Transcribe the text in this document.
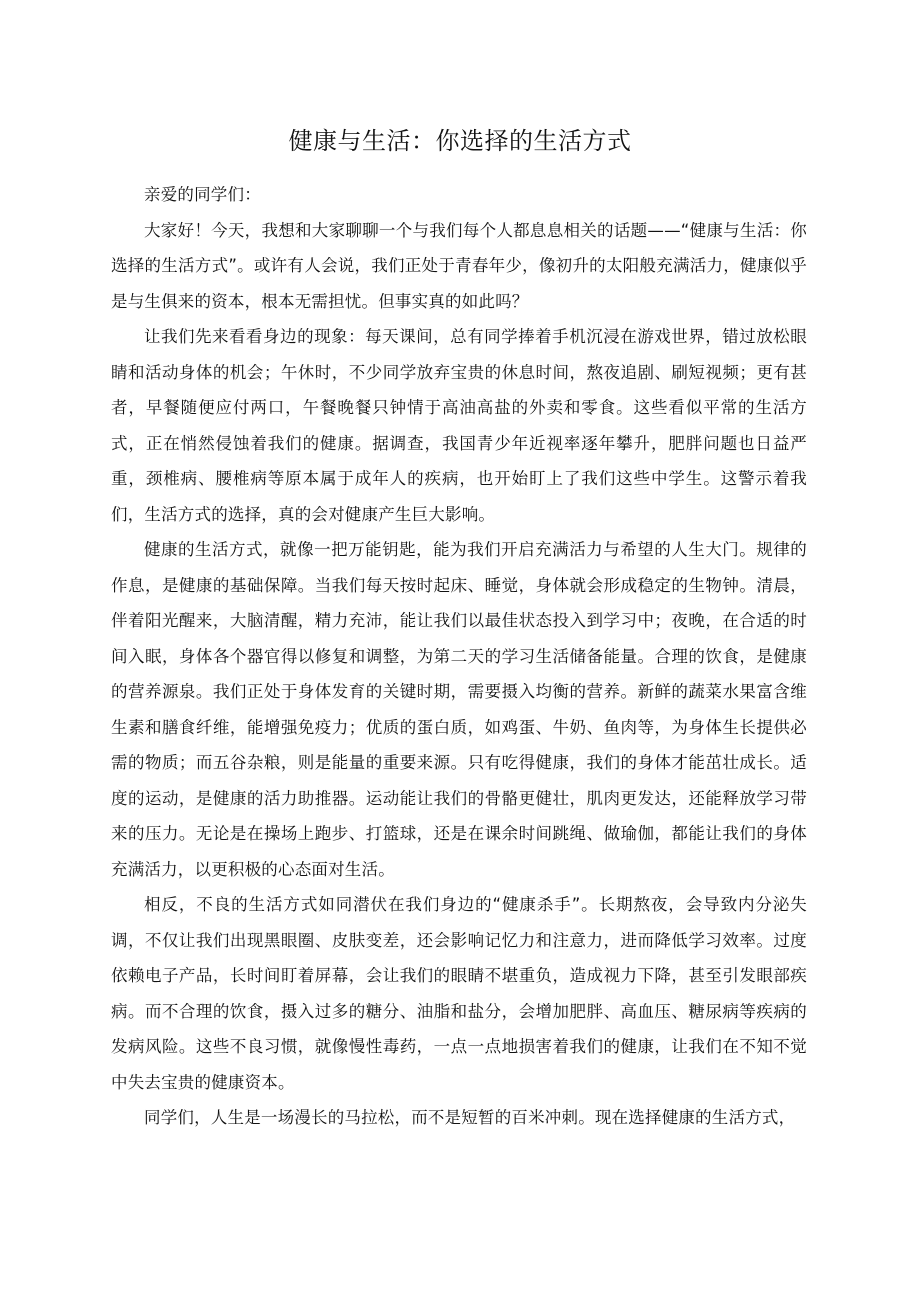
健康与生活：你选择的生活方式

亲爱的同学们：

大家好！今天，我想和大家聊聊一个与我们每个人都息息相关的话题——“健康与生活：你选择的生活方式”。或许有人会说，我们正处于青春年少，像初升的太阳般充满活力，健康似乎是与生俱来的资本，根本无需担忧。但事实真的如此吗？

让我们先来看看身边的现象：每天课间，总有同学捧着手机沉浸在游戏世界，错过放松眼睛和活动身体的机会；午休时，不少同学放弃宝贵的休息时间，熬夜追剧、刷短视频；更有甚者，早餐随便应付两口，午餐晚餐只钟情于高油高盐的外卖和零食。这些看似平常的生活方式，正在悄然侵蚀着我们的健康。据调查，我国青少年近视率逐年攀升，肥胖问题也日益严重，颈椎病、腰椎病等原本属于成年人的疾病，也开始盯上了我们这些中学生。这警示着我们，生活方式的选择，真的会对健康产生巨大影响。

健康的生活方式，就像一把万能钥匙，能为我们开启充满活力与希望的人生大门。规律的作息，是健康的基础保障。当我们每天按时起床、睡觉，身体就会形成稳定的生物钟。清晨，伴着阳光醒来，大脑清醒，精力充沛，能让我们以最佳状态投入到学习中；夜晚，在合适的时间入眠，身体各个器官得以修复和调整，为第二天的学习生活储备能量。合理的饮食，是健康的营养源泉。我们正处于身体发育的关键时期，需要摄入均衡的营养。新鲜的蔬菜水果富含维生素和膳食纤维，能增强免疫力；优质的蛋白质，如鸡蛋、牛奶、鱼肉等，为身体生长提供必需的物质；而五谷杂粮，则是能量的重要来源。只有吃得健康，我们的身体才能茁壮成长。适度的运动，是健康的活力助推器。运动能让我们的骨骼更健壮，肌肉更发达，还能释放学习带来的压力。无论是在操场上跑步、打篮球，还是在课余时间跳绳、做瑜伽，都能让我们的身体充满活力，以更积极的心态面对生活。

相反，不良的生活方式如同潜伏在我们身边的“健康杀手”。长期熬夜，会导致内分泌失调，不仅让我们出现黑眼圈、皮肤变差，还会影响记忆力和注意力，进而降低学习效率。过度依赖电子产品，长时间盯着屏幕，会让我们的眼睛不堪重负，造成视力下降，甚至引发眼部疾病。而不合理的饮食，摄入过多的糖分、油脂和盐分，会增加肥胖、高血压、糖尿病等疾病的发病风险。这些不良习惯，就像慢性毒药，一点一点地损害着我们的健康，让我们在不知不觉中失去宝贵的健康资本。

同学们，人生是一场漫长的马拉松，而不是短暂的百米冲刺。现在选择健康的生活方式，
